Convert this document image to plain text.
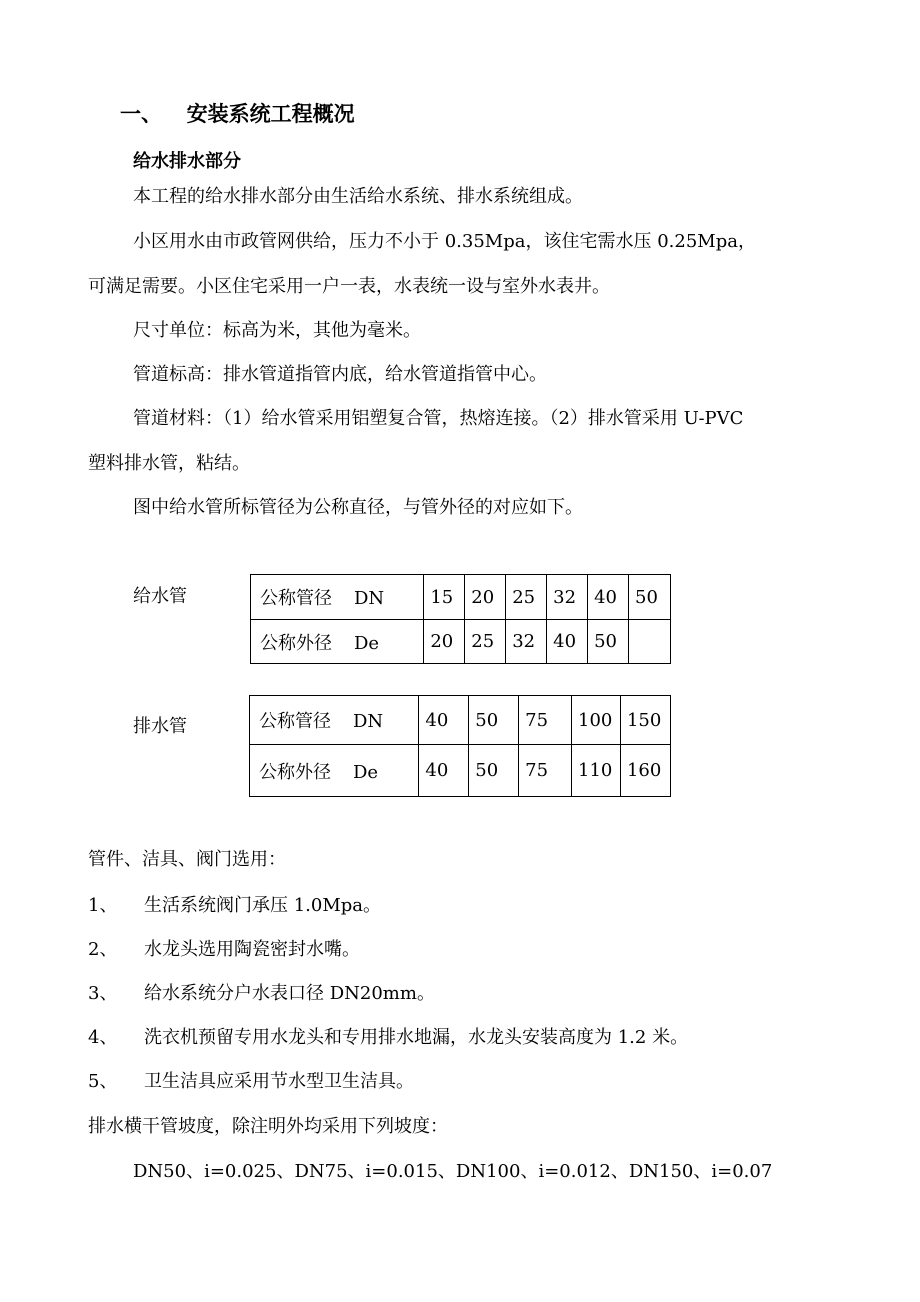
一、 安装系统工程概况
给水排水部分
本工程的给水排水部分由生活给水系统、排水系统组成。
小区用水由市政管网供给，压力不小于 0.35Mpa，该住宅需水压 0.25Mpa，
可满足需要。小区住宅采用一户一表，水表统一设与室外水表井。
尺寸单位：标高为米，其他为毫米。
管道标高：排水管道指管内底，给水管道指管中心。
管道材料：（1）给水管采用铝塑复合管，热熔连接。（2）排水管采用 U-PVC
塑料排水管，粘结。
图中给水管所标管径为公称直径，与管外径的对应如下。
给水管	公称管径 DN	15	20	25	32	40	50
公称外径 De	20	25	32	40	50	
排水管	公称管径 DN	40	50	75	100	150
公称外径 De	40	50	75	110	160
管件、洁具、阀门选用：
1、 生活系统阀门承压 1.0Mpa。
2、 水龙头选用陶瓷密封水嘴。
3、 给水系统分户水表口径 DN20mm。
4、 洗衣机预留专用水龙头和专用排水地漏，水龙头安装高度为 1.2 米。
5、 卫生洁具应采用节水型卫生洁具。
排水横干管坡度，除注明外均采用下列坡度：
DN50、i=0.025、DN75、i=0.015、DN100、i=0.012、DN150、i=0.07
